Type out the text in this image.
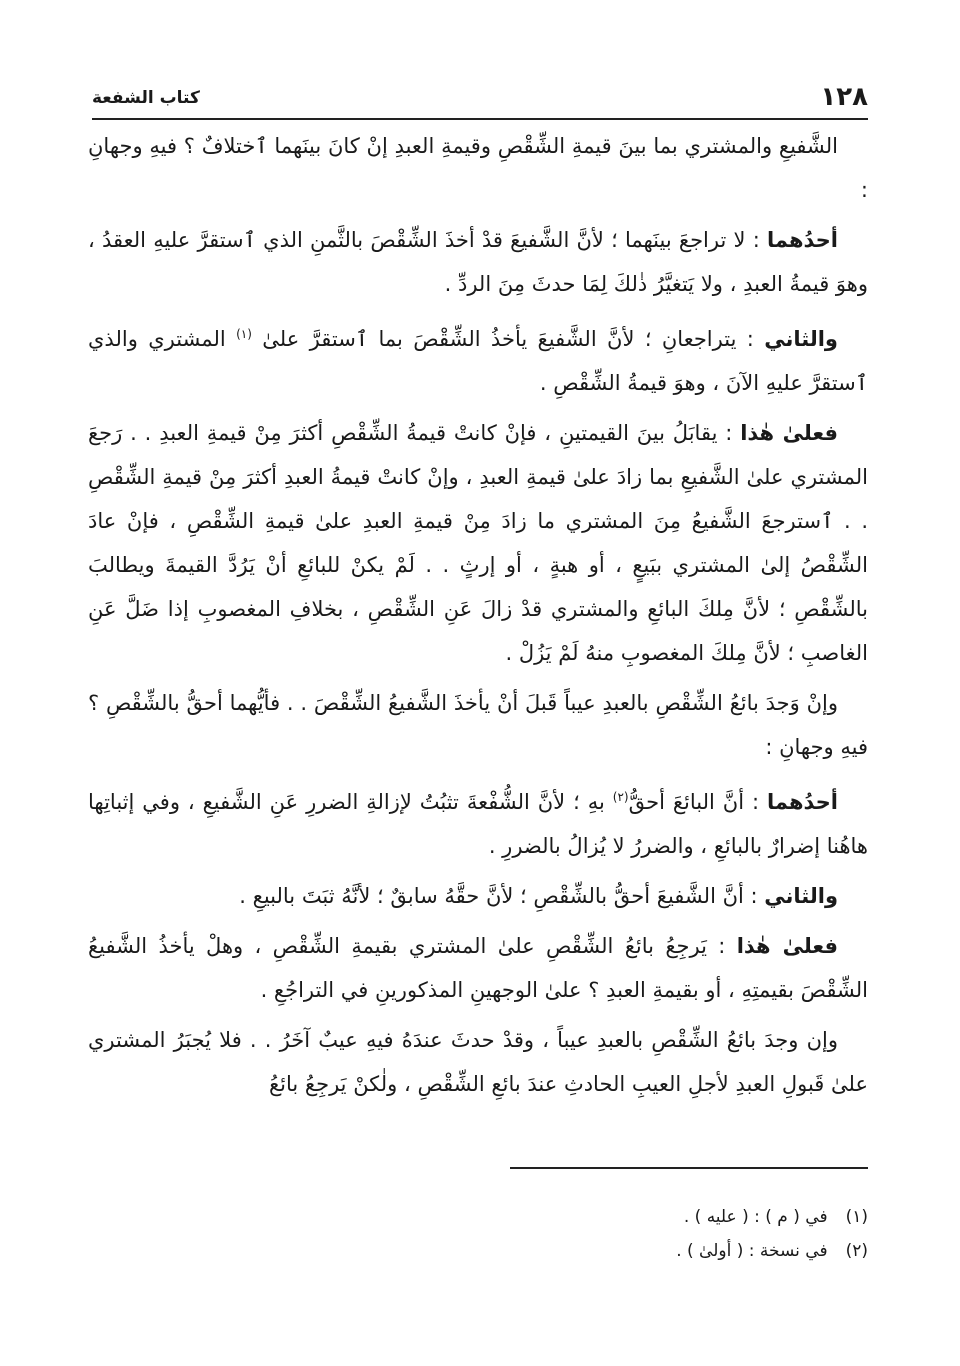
١٢٨
كتاب الشفعة

الشَّفيعِ والمشتري بما بينَ قيمةِ الشِّقْصِ وقيمةِ العبدِ إنْ كانَ بينَهما ٱختلافٌ ؟ فيهِ وجهانِ :

أحدُهما : لا تراجعَ بينَهما ؛ لأنَّ الشَّفيعَ قدْ أخذَ الشِّقْصَ بالثَّمنِ الذي ٱستقرَّ عليهِ العقدُ ، وهوَ قيمةُ العبدِ ، ولا يَتغيَّرُ ذٰلكَ لِمَا حدثَ مِنَ الردِّ .

والثاني : يتراجعانِ ؛ لأنَّ الشَّفيعَ يأخذُ الشِّقْصَ بما ٱستقرَّ علىٰ $^{(١)}$ المشتري والذي ٱستقرَّ عليهِ الآنَ ، وهوَ قيمةُ الشِّقْصِ .

فعلىٰ هٰذا : يقابَلُ بينَ القيمتينِ ، فإنْ كانتْ قيمةُ الشِّقْصِ أكثرَ مِنْ قيمةِ العبدِ . . رَجعَ المشتري علىٰ الشَّفيعِ بما زادَ علىٰ قيمةِ العبدِ ، وإنْ كانتْ قيمةُ العبدِ أكثرَ مِنْ قيمةِ الشِّقْصِ . . ٱسترجعَ الشَّفيعُ مِنَ المشتري ما زادَ مِنْ قيمةِ العبدِ علىٰ قيمةِ الشِّقْصِ ، فإنْ عادَ الشِّقْصُ إلىٰ المشتري ببَيعٍ ، أو هبةٍ ، أو إرثٍ . . لَمْ يكنْ للبائعِ أنْ يَرُدَّ القيمةَ ويطالبَ بالشِّقْصِ ؛ لأنَّ مِلكَ البائعِ والمشتري قدْ زالَ عَنِ الشِّقْصِ ، بخلافِ المغصوبِ إذا ضَلَّ عَنِ الغاصبِ ؛ لأنَّ مِلكَ المغصوبِ منهُ لَمْ يَزُلْ .

وإنْ وَجدَ بائعُ الشِّقْصِ بالعبدِ عيباً قَبلَ أنْ يأخذَ الشَّفيعُ الشِّقْصَ . . فأيُّهما أحقُّ بالشِّقْصِ ؟ فيهِ وجهانِ :

أحدُهما : أنَّ البائعَ أحقُّ$^{(٢)}$ بهِ ؛ لأنَّ الشُّفْعةَ تثبُتُ لإزالةِ الضررِ عَنِ الشَّفيعِ ، وفي إثباتِها هاهُنا إضرارٌ بالبائعِ ، والضررُ لا يُزالُ بالضررِ .

والثاني : أنَّ الشَّفيعَ أحقُّ بالشِّقْصِ ؛ لأنَّ حقَّهُ سابقٌ ؛ لأنَّهُ ثبَتَ بالبيعِ .

فعلىٰ هٰذا : يَرجِعُ بائعُ الشِّقْصِ علىٰ المشتري بقيمةِ الشِّقْصِ ، وهلْ يأخذُ الشَّفيعُ الشِّقْصَ بقيمتِهِ ، أو بقيمةِ العبدِ ؟ علىٰ الوجهينِ المذكورينِ في التراجُعِ .

وإن وجدَ بائعُ الشِّقْصِ بالعبدِ عيباً ، وقدْ حدثَ عندَهُ فيهِ عيبٌ آخَرُ . . فلا يُجبَرُ المشتري علىٰ قَبولِ العبدِ لأجلِ العيبِ الحادثِ عندَ بائعِ الشِّقْصِ ، ولٰكنْ يَرجِعُ بائعُ

(١)في ( م ) : ( عليه ) .
(٢)في نسخة : ( أولىٰ ) .
